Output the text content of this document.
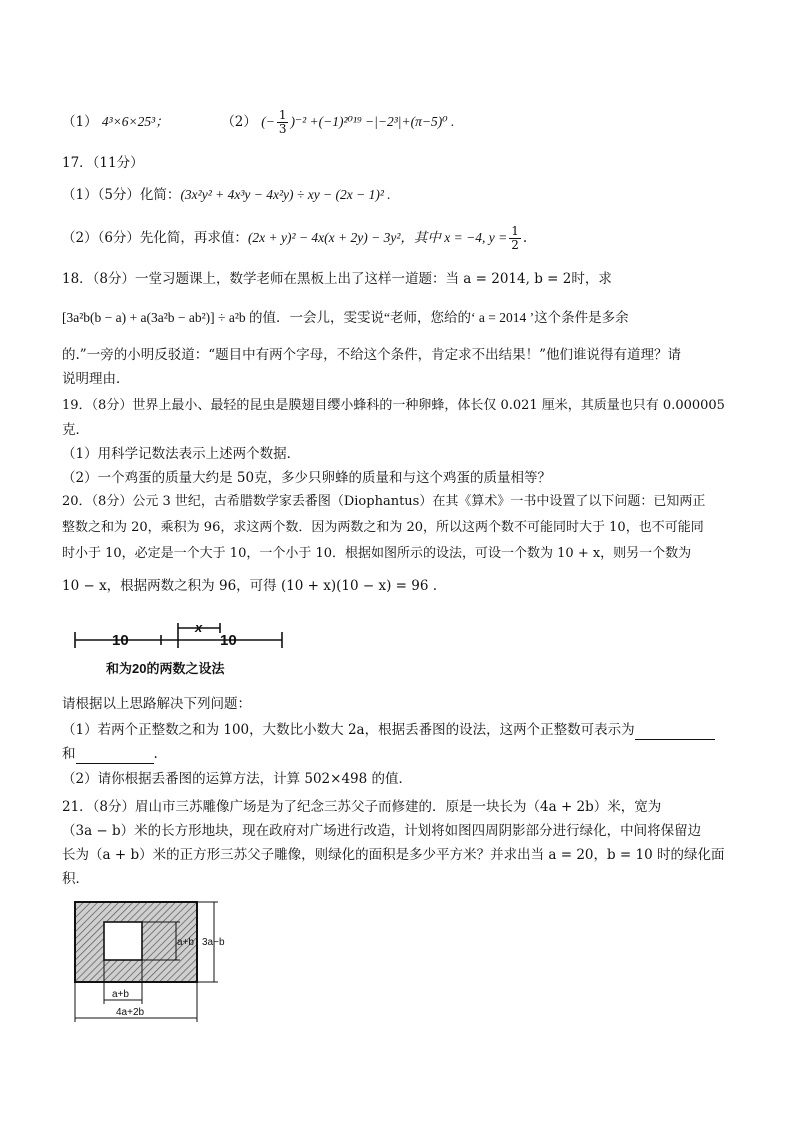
（1） 4³×6×25³；	（2） (− $\frac{1}{3} )^{-2} +(-1)^{2019} -|-2^3|+(\pi-5)^0$ .
17．（11分）
（1）（5分）化简：(3x²y² + 4x³y − 4x²y) ÷ xy − (2x − 1)² .
（2）（6分）先化简，再求值：(2x + y)² − 4x(x + 2y) − 3y²，其中 x = −4, $y = \frac{1}{2}$ .
18．（8分）一堂习题课上，数学老师在黑板上出了这样一道题：当 a = 2014, b = 2时，求
[3a²b(b − a) + a(3a²b − ab²)] ÷ a²b 的值．一会儿，雯雯说“老师，您给的‘ a = 2014 ’这个条件是多余
的.”一旁的小明反驳道：“题目中有两个字母，不给这个条件，肯定求不出结果！”他们谁说得有道理？请
说明理由．
19．（8分）世界上最小、最轻的昆虫是膜翅目缨小蜂科的一种卵蜂，体长仅 0.021 厘米，其质量也只有 0.000005
克．
（1）用科学记数法表示上述两个数据．
（2）一个鸡蛋的质量大约是 50克，多少只卵蜂的质量和与这个鸡蛋的质量相等？
20．（8分）公元 3 世纪，古希腊数学家丢番图（Diophantus）在其《算术》一书中设置了以下问题：已知两正
整数之和为 20，乘积为 96，求这两个数．因为两数之和为 20，所以这两个数不可能同时大于 10，也不可能同
时小于 10，必定是一个大于 10，一个小于 10．根据如图所示的设法，可设一个数为 10 + x，则另一个数为
10 − x，根据两数之积为 96，可得 (10 + x)(10 − x) = 96 .
x
10	10
和为20的两数之设法
请根据以上思路解决下列问题：
（1）若两个正整数之和为 100，大数比小数大 2a，根据丢番图的设法，这两个正整数可表示为
和	.
（2）请你根据丢番图的运算方法，计算 502×498 的值．
21．（8分）眉山市三苏雕像广场是为了纪念三苏父子而修建的．原是一块长为（4a + 2b）米，宽为
（3a − b）米的长方形地块，现在政府对广场进行改造，计划将如图四周阴影部分进行绿化，中间将保留边
长为（a + b）米的正方形三苏父子雕像，则绿化的面积是多少平方米？并求出当 a = 20，b = 10 时的绿化面
积．
a+b 3a−b
a+b
4a+2b
